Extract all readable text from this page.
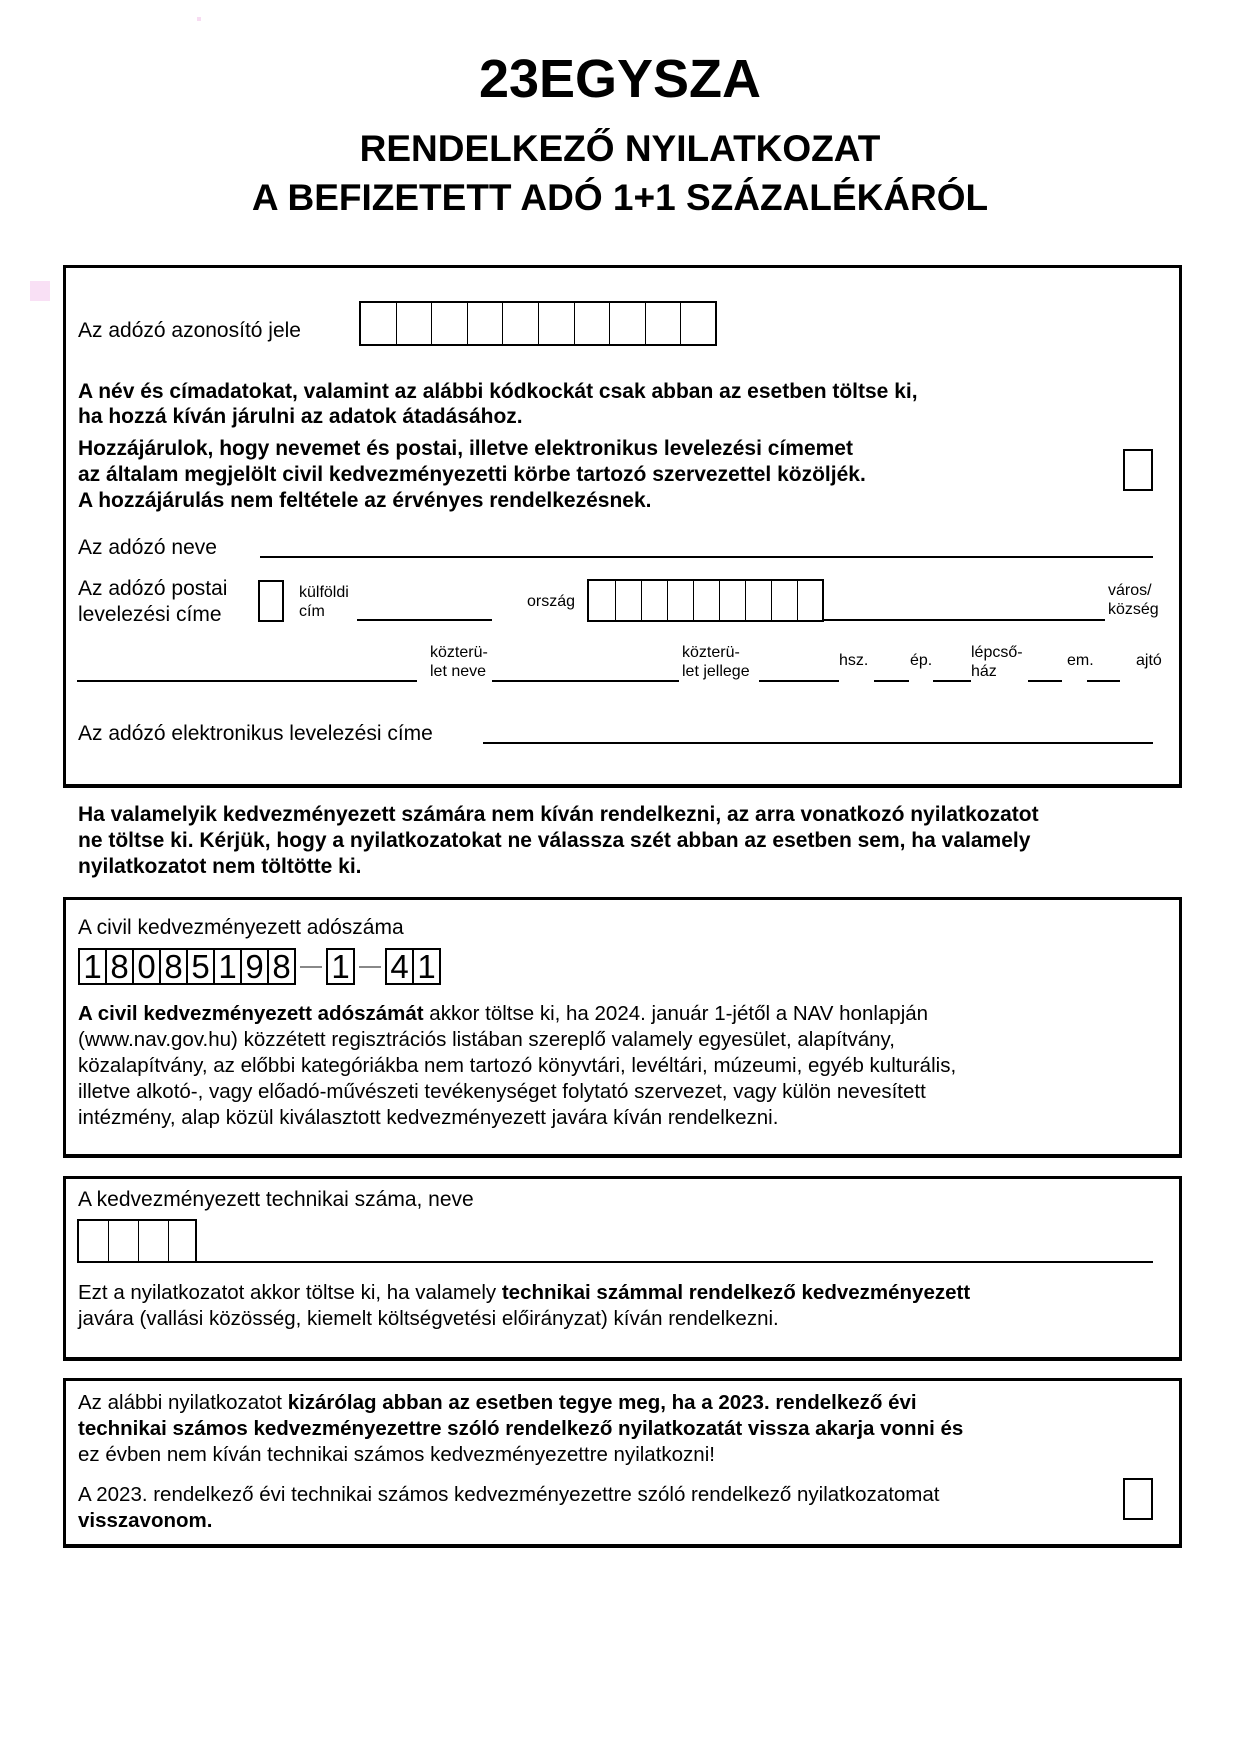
23EGYSZA
RENDELKEZŐ NYILATKOZAT
A BEFIZETETT ADÓ 1+1 SZÁZALÉKÁRÓL
Az adózó azonosító jele
A név és címadatokat, valamint az alábbi kódkockát csak abban az esetben töltse ki,
ha hozzá kíván járulni az adatok átadásához.
Hozzájárulok, hogy nevemet és postai, illetve elektronikus levelezési címemet
az általam megjelölt civil kedvezményezetti körbe tartozó szervezettel közöljék.
A hozzájárulás nem feltétele az érvényes rendelkezésnek.
Az adózó neve
Az adózó postai
levelezési címe
külföldi
cím
ország
város/
község
közterü-
let neve
közterü-
let jellege
hsz.	ép. lépcső-
ház
em.	ajtó
Az adózó elektronikus levelezési címe
Ha valamelyik kedvezményezett számára nem kíván rendelkezni, az arra vonatkozó nyilatkozatot
ne töltse ki. Kérjük, hogy a nyilatkozatokat ne válassza szét abban az esetben sem, ha valamely
nyilatkozatot nem töltötte ki.
A civil kedvezményezett adószáma
1 8 0 8 5 1 9 8 1 4 1
A civil kedvezményezett adószámát akkor töltse ki, ha 2024. január 1-jétől a NAV honlapján
(www.nav.gov.hu) közzétett regisztrációs listában szereplő valamely egyesület, alapítvány,
közalapítvány, az előbbi kategóriákba nem tartozó könyvtári, levéltári, múzeumi, egyéb kulturális,
illetve alkotó-, vagy előadó-művészeti tevékenységet folytató szervezet, vagy külön nevesített
intézmény, alap közül kiválasztott kedvezményezett javára kíván rendelkezni.
A kedvezményezett technikai száma, neve
Ezt a nyilatkozatot akkor töltse ki, ha valamely technikai számmal rendelkező kedvezményezett
javára (vallási közösség, kiemelt költségvetési előirányzat) kíván rendelkezni.
Az alábbi nyilatkozatot kizárólag abban az esetben tegye meg, ha a 2023. rendelkező évi
technikai számos kedvezményezettre szóló rendelkező nyilatkozatát vissza akarja vonni és
ez évben nem kíván technikai számos kedvezményezettre nyilatkozni!
A 2023. rendelkező évi technikai számos kedvezményezettre szóló rendelkező nyilatkozatomat
visszavonom.
